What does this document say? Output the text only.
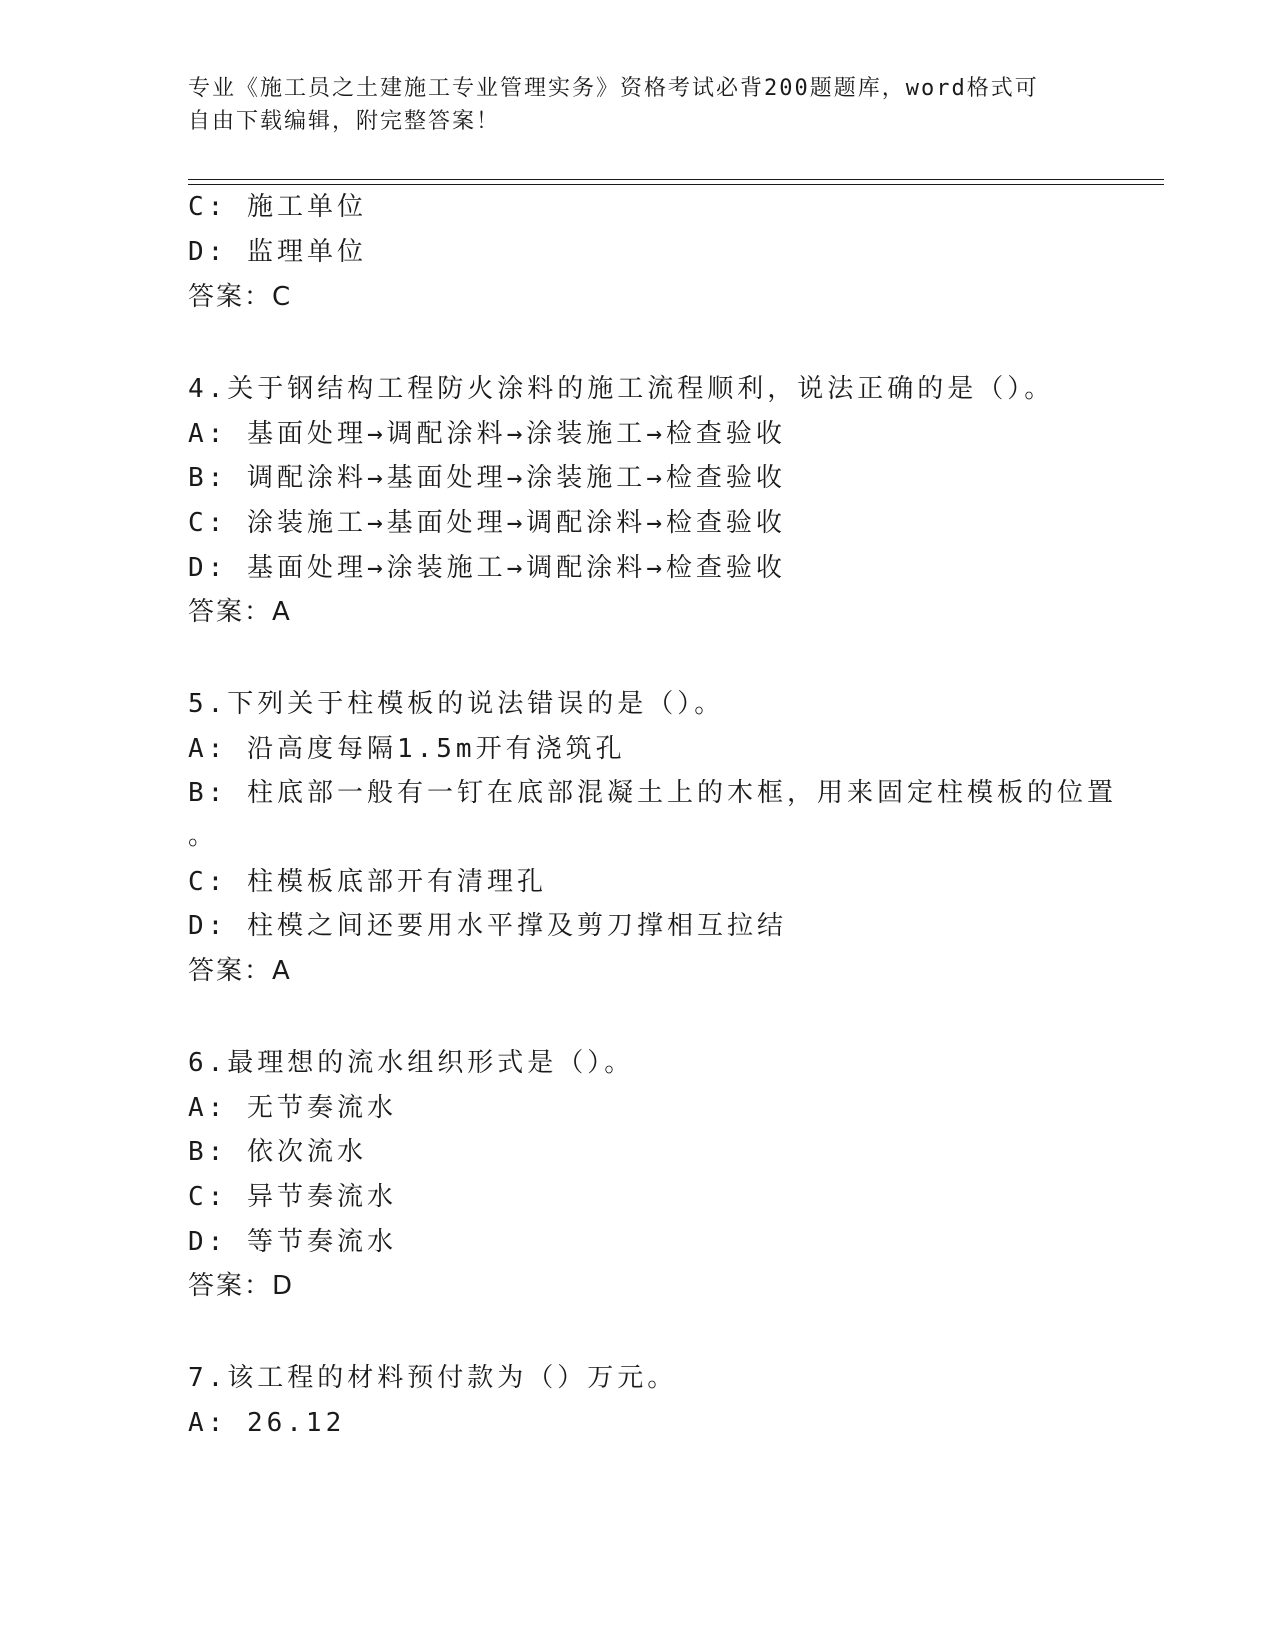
专业《施工员之土建施工专业管理实务》资格考试必背200题题库，word格式可
自由下载编辑，附完整答案！
C: 施工单位
D: 监理单位
答案：C
4.关于钢结构工程防火涂料的施工流程顺利，说法正确的是（）。
A: 基面处理→调配涂料→涂装施工→检查验收
B: 调配涂料→基面处理→涂装施工→检查验收
C: 涂装施工→基面处理→调配涂料→检查验收
D: 基面处理→涂装施工→调配涂料→检查验收
答案：A
5.下列关于柱模板的说法错误的是（）。
A: 沿高度每隔1.5m开有浇筑孔
B: 柱底部一般有一钉在底部混凝土上的木框，用来固定柱模板的位置
。
C: 柱模板底部开有清理孔
D: 柱模之间还要用水平撑及剪刀撑相互拉结
答案：A
6.最理想的流水组织形式是（）。
A: 无节奏流水
B: 依次流水
C: 异节奏流水
D: 等节奏流水
答案：D
7.该工程的材料预付款为（）万元。
A: 26.12
